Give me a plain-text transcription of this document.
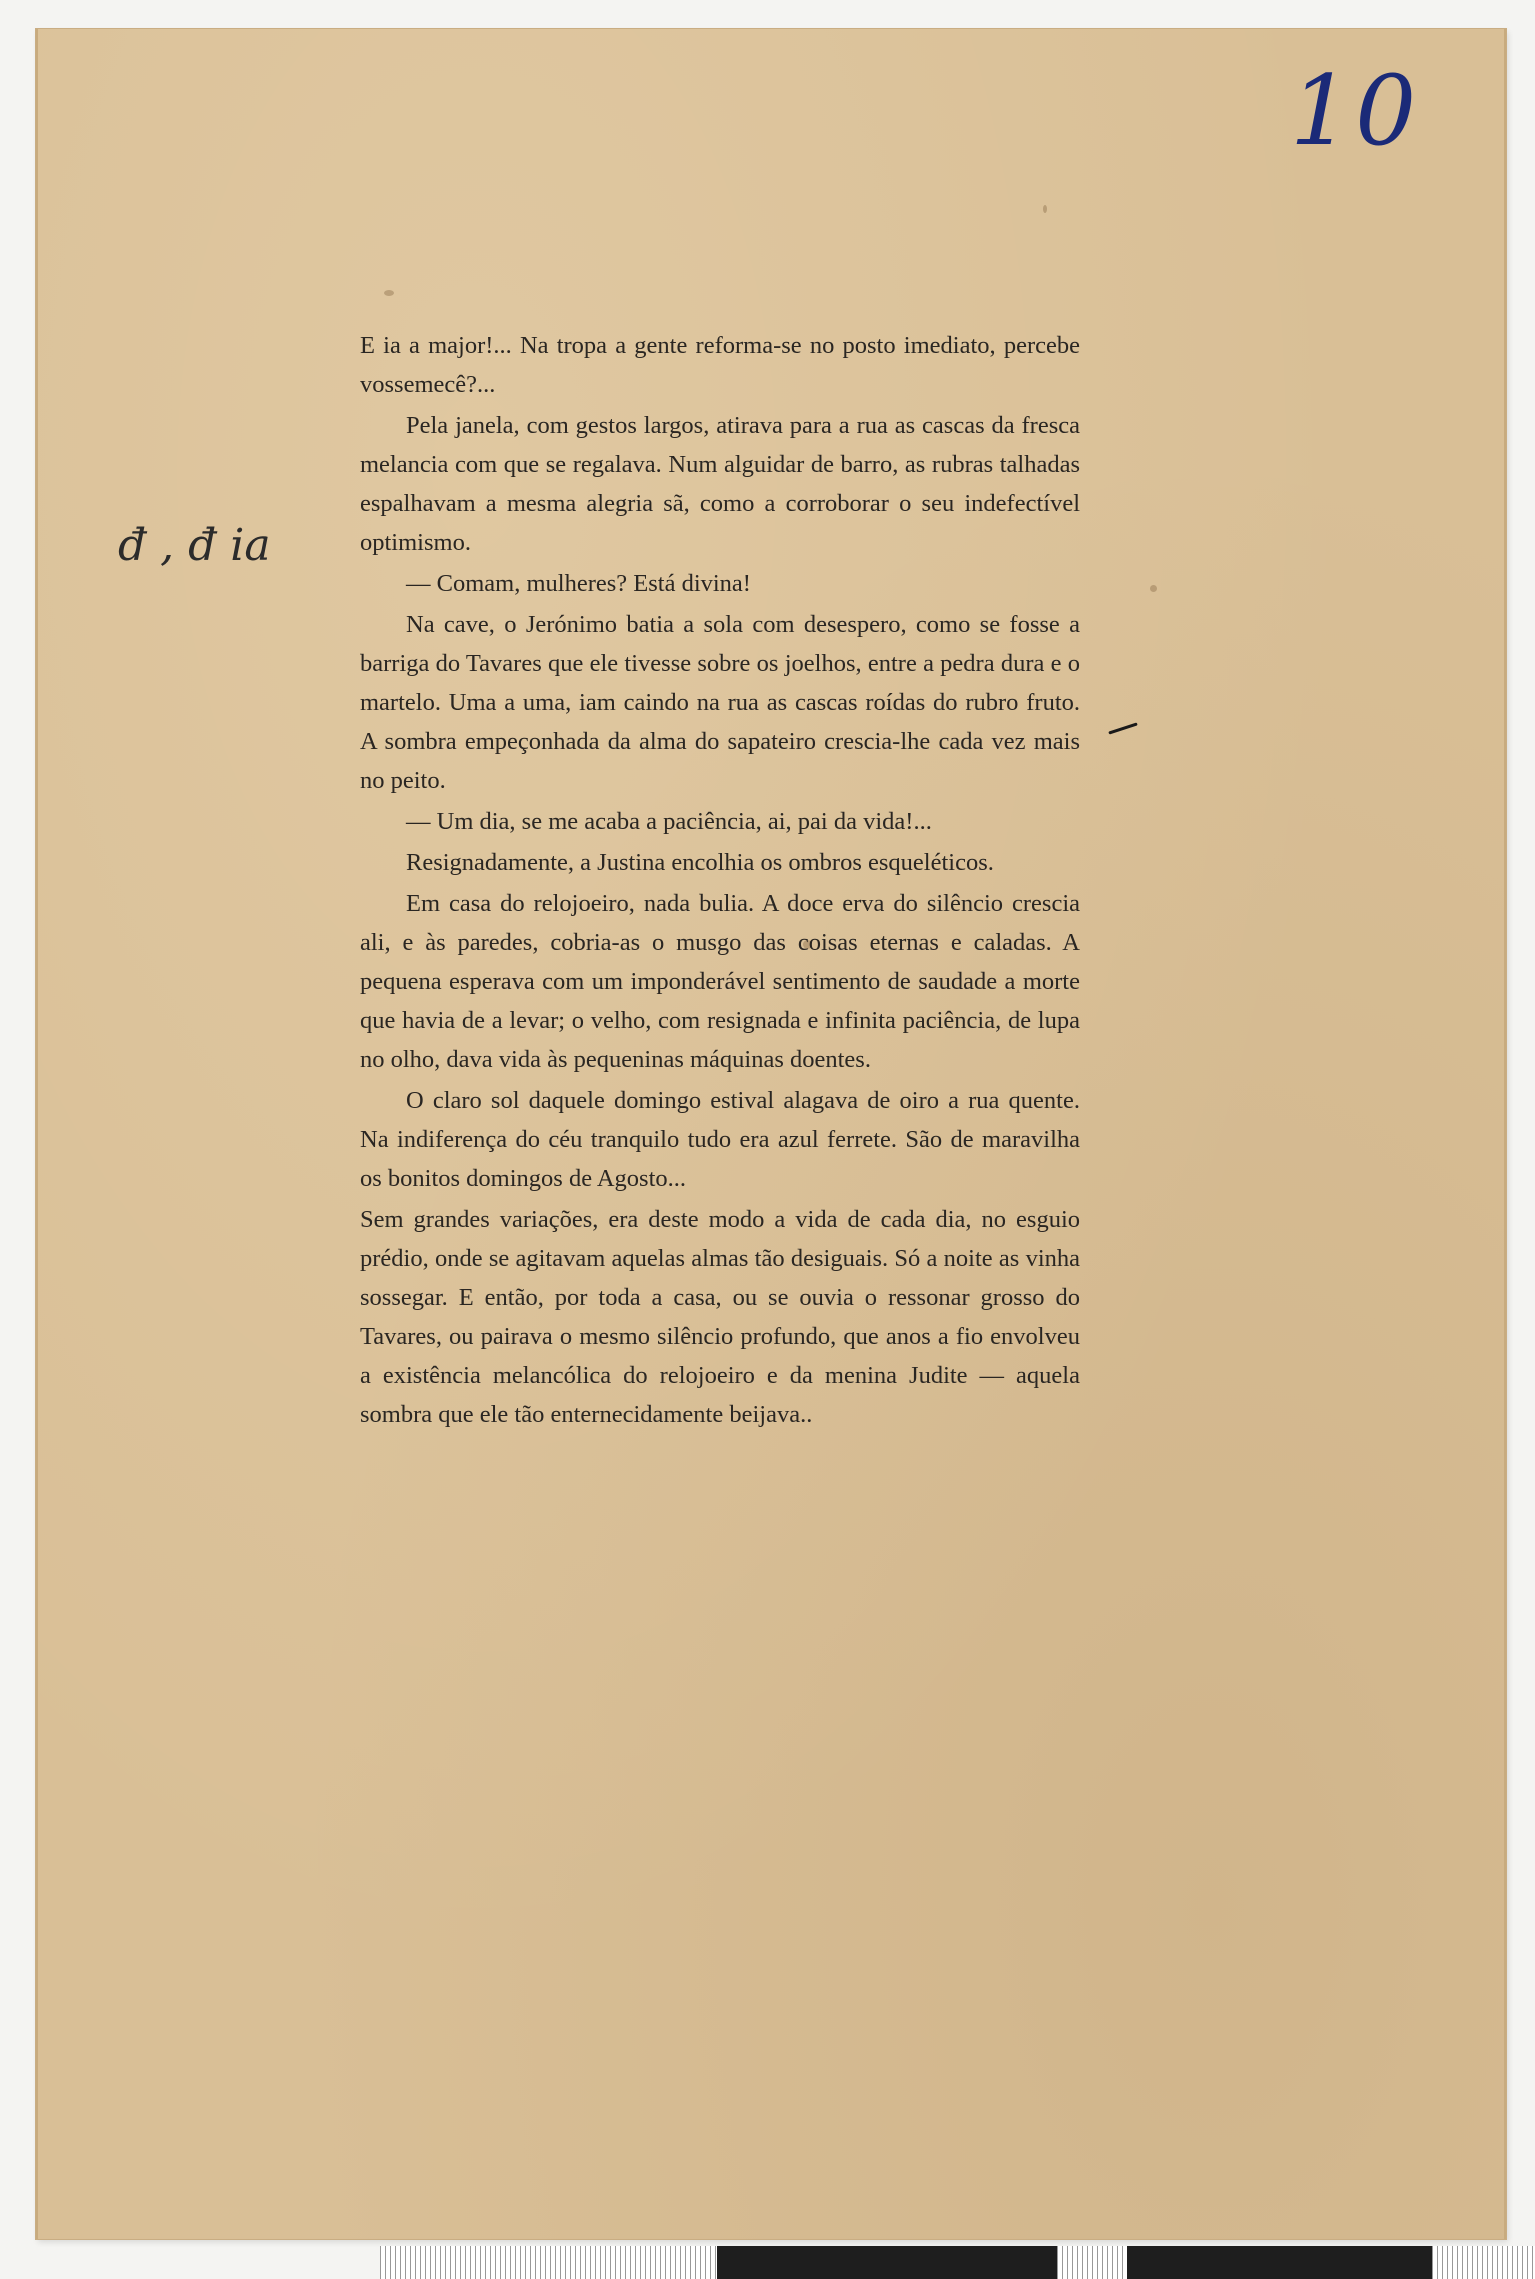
10
đ , đ ia

E ia a major!... Na tropa a gente reforma-se no posto imediato, percebe vossemecê?...

Pela janela, com gestos largos, atirava para a rua as cascas da fresca melancia com que se regalava. Num alguidar de barro, as rubras talhadas espalhavam a mesma alegria sã, como a corroborar o seu indefectível optimismo.

— Comam, mulheres? Está divina!

Na cave, o Jerónimo batia a sola com desespero, como se fosse a barriga do Tavares que ele tivesse sobre os joelhos, entre a pedra dura e o martelo. Uma a uma, iam caindo na rua as cascas roídas do rubro fruto. A sombra empeçonhada da alma do sapateiro crescia-lhe cada vez mais no peito.

— Um dia, se me acaba a paciência, ai, pai da vida!...

Resignadamente, a Justina encolhia os ombros esqueléticos.

Em casa do relojoeiro, nada bulia. A doce erva do silêncio crescia ali, e às paredes, cobria-as o musgo das coisas eternas e caladas. A pequena esperava com um imponderável sentimento de saudade a morte que havia de a levar; o velho, com resignada e infinita paciência, de lupa no olho, dava vida às pequeninas máquinas doentes.

O claro sol daquele domingo estival alagava de oiro a rua quente. Na indiferença do céu tranquilo tudo era azul ferrete. São de maravilha os bonitos domingos de Agosto...

Sem grandes variações, era deste modo a vida de cada dia, no esguio prédio, onde se agitavam aquelas almas tão desiguais. Só a noite as vinha sossegar. E então, por toda a casa, ou se ouvia o ressonar grosso do Tavares, ou pairava o mesmo silêncio profundo, que anos a fio envolveu a existência melancólica do relojoeiro e da menina Judite — aquela sombra que ele tão enternecidamente beijava..
